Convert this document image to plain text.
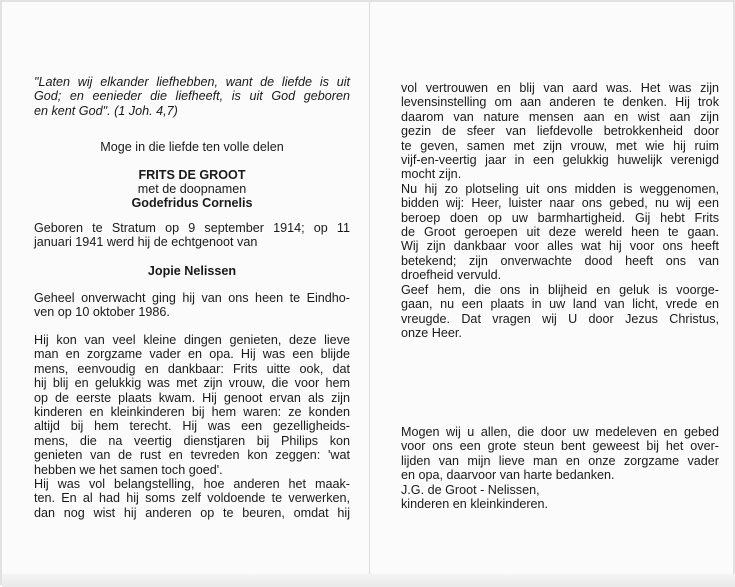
"Laten wij elkander liefhebben, want de liefde is uit

God; en eenieder die liefheeft, is uit God geboren

en kent God". (1 Joh. 4,7)

Moge in die liefde ten volle delen

FRITS DE GROOT

met de doopnamen

Godefridus Cornelis

Geboren te Stratum op 9 september 1914; op 11

januari 1941 werd hij de echtgenoot van

Jopie Nelissen

Geheel onverwacht ging hij van ons heen te Eindho-

ven op 10 oktober 1986.

Hij kon van veel kleine dingen genieten, deze lieve

man en zorgzame vader en opa. Hij was een blijde

mens, eenvoudig en dankbaar: Frits uitte ook, dat

hij blij en gelukkig was met zijn vrouw, die voor hem

op de eerste plaats kwam. Hij genoot ervan als zijn

kinderen en kleinkinderen bij hem waren: ze konden

altijd bij hem terecht. Hij was een gezelligheids-

mens, die na veertig dienstjaren bij Philips kon

genieten van de rust en tevreden kon zeggen: 'wat

hebben we het samen toch goed'.

Hij was vol belangstelling, hoe anderen het maak-

ten. En al had hij soms zelf voldoende te verwerken,

dan nog wist hij anderen op te beuren, omdat hij

vol vertrouwen en blij van aard was. Het was zijn

levensinstelling om aan anderen te denken. Hij trok

daarom van nature mensen aan en wist aan zijn

gezin de sfeer van liefdevolle betrokkenheid door

te geven, samen met zijn vrouw, met wie hij ruim

vijf-en-veertig jaar in een gelukkig huwelijk verenigd

mocht zijn.

Nu hij zo plotseling uit ons midden is weggenomen,

bidden wij: Heer, luister naar ons gebed, nu wij een

beroep doen op uw barmhartigheid. Gij hebt Frits

de Groot geroepen uit deze wereld heen te gaan.

Wij zijn dankbaar voor alles wat hij voor ons heeft

betekend; zijn onverwachte dood heeft ons van

droefheid vervuld.

Geef hem, die ons in blijheid en geluk is voorge-

gaan, nu een plaats in uw land van licht, vrede en

vreugde. Dat vragen wij U door Jezus Christus,

onze Heer.

Mogen wij u allen, die door uw medeleven en gebed

voor ons een grote steun bent geweest bij het over-

lijden van mijn lieve man en onze zorgzame vader

en opa, daarvoor van harte bedanken.

J.G. de Groot - Nelissen,

kinderen en kleinkinderen.
